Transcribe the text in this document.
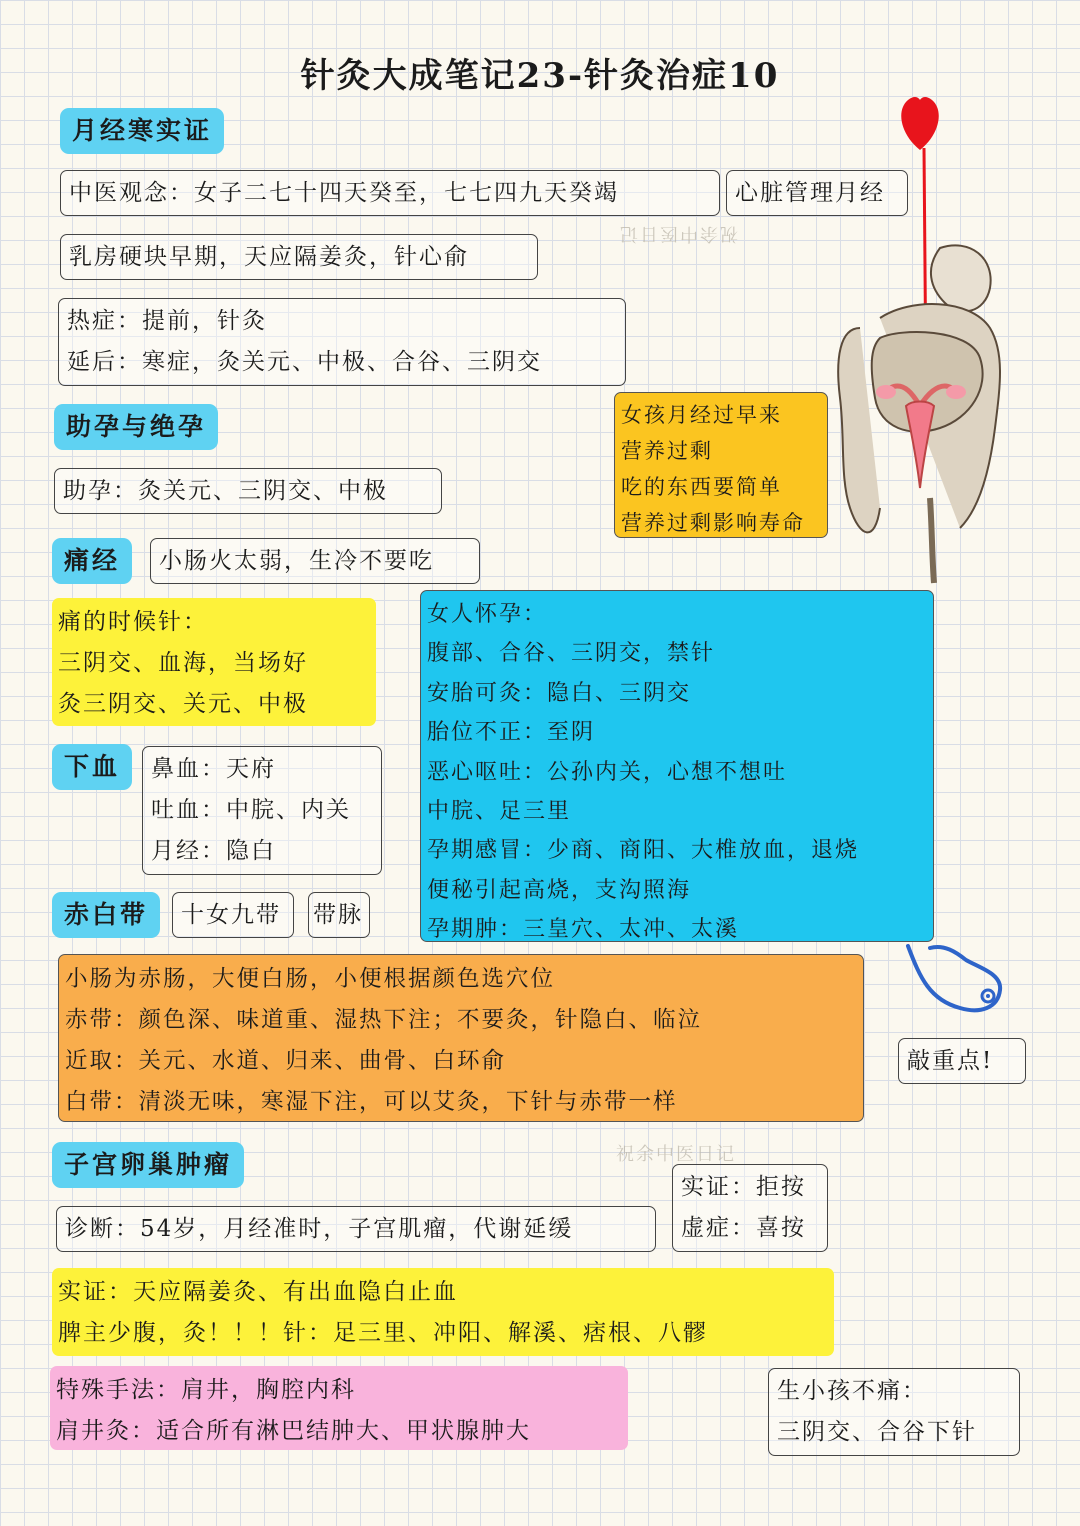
针灸大成笔记23-针灸治症10
月经寒实证
中医观念：女子二七十四天癸至，七七四九天癸竭	心脏管理月经
乳房硬块早期，天应隔姜灸，针心俞
热症：提前，针灸
延后：寒症，灸关元、中极、合谷、三阴交
助孕与绝孕
助孕：灸关元、三阴交、中极
痛经	小肠火太弱，生冷不要吃
痛的时候针：
三阴交、血海，当场好
灸三阴交、关元、中极
下血	鼻血：天府
吐血：中脘、内关
月经：隐白
女孩月经过早来
营养过剩
吃的东西要简单
营养过剩影响寿命
女人怀孕：
腹部、合谷、三阴交，禁针
安胎可灸：隐白、三阴交
胎位不正：至阴
恶心呕吐：公孙内关，心想不想吐
中脘、足三里
孕期感冒：少商、商阳、大椎放血，退烧
便秘引起高烧，支沟照海
孕期肿：三皇穴、太冲、太溪
赤白带	十女九带	带脉
小肠为赤肠，大便白肠，小便根据颜色选穴位
赤带：颜色深、味道重、湿热下注；不要灸，针隐白、临泣
近取：关元、水道、归来、曲骨、白环俞
白带：清淡无味，寒湿下注，可以艾灸，下针与赤带一样
敲重点!
子宫卵巢肿瘤
诊断：54岁，月经准时，子宫肌瘤，代谢延缓
实证：拒按
虚症：喜按
实证：天应隔姜灸、有出血隐白止血
脾主少腹，灸！！！针：足三里、冲阳、解溪、痞根、八髎
特殊手法：肩井，胸腔内科
肩井灸：适合所有淋巴结肿大、甲状腺肿大
生小孩不痛：
三阴交、合谷下针
祝余中医日记
祝余中医日记
